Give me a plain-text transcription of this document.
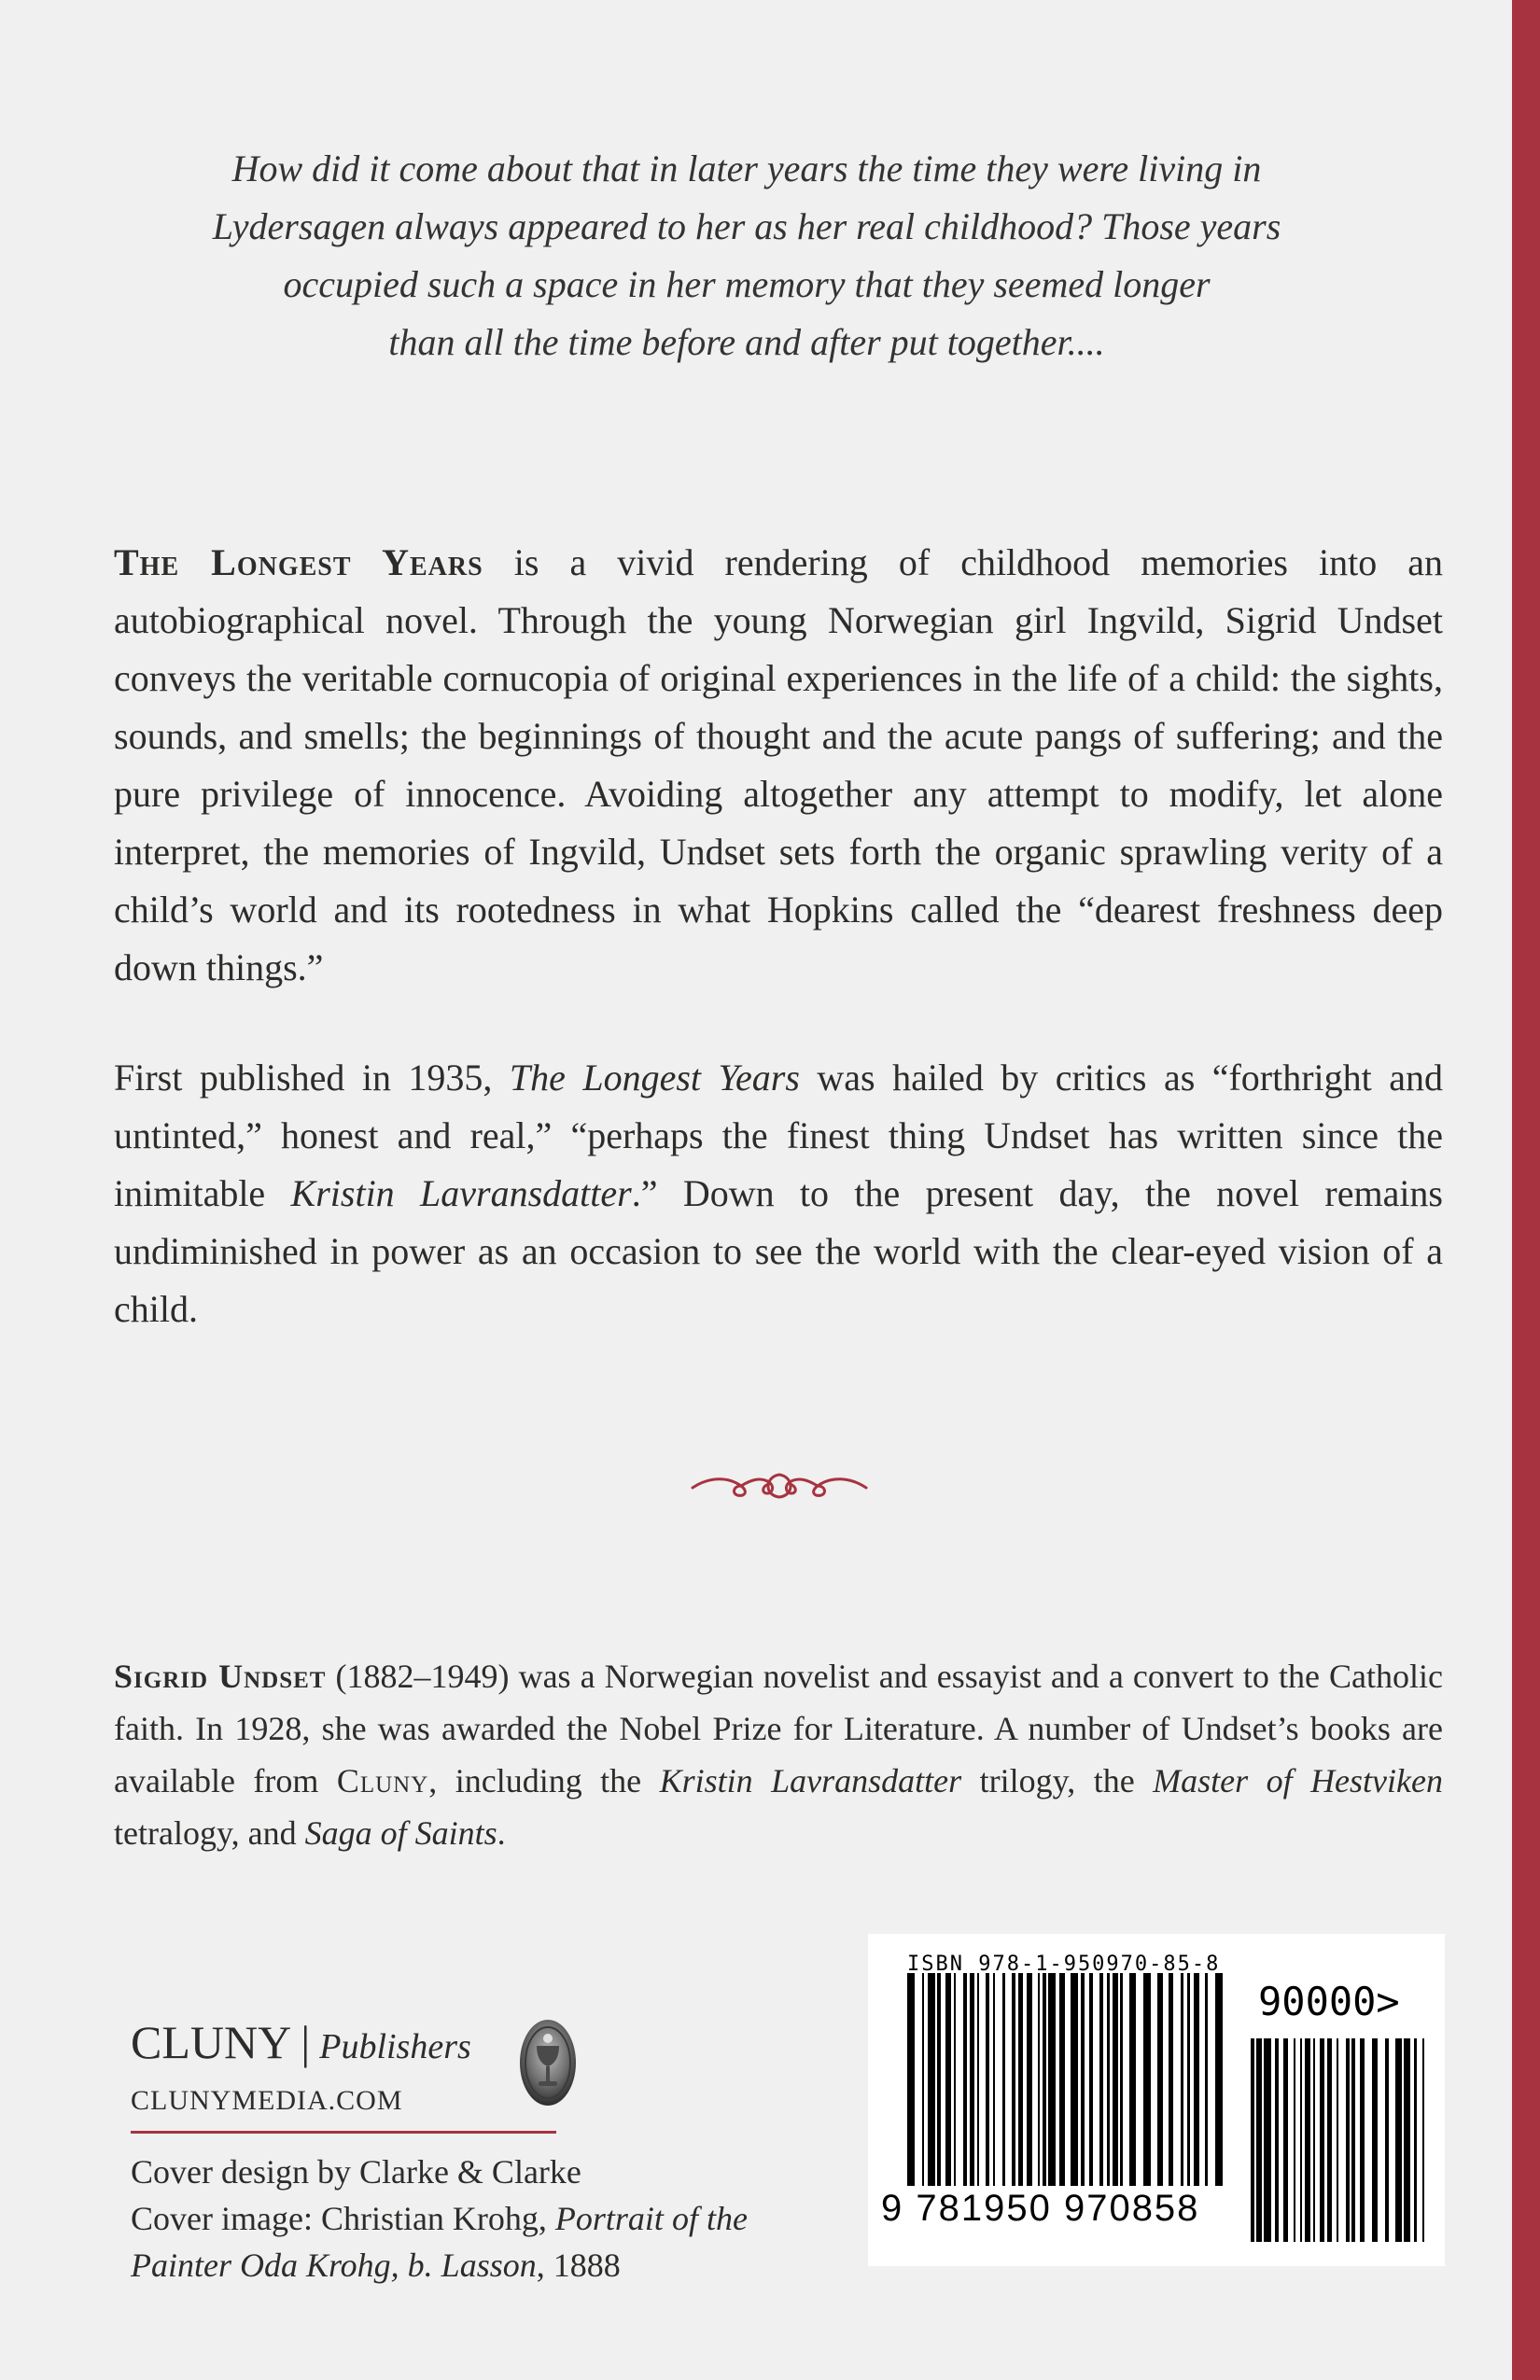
How did it come about that in later years the time they were living in

Lydersagen always appeared to her as her real childhood? Those years

occupied such a space in her memory that they seemed longer

than all the time before and after put together....

The Longest Years is a vivid rendering of childhood memories into an autobiographical novel. Through the young Norwegian girl Ingvild, Sigrid Undset conveys the veritable cornucopia of original experiences in the life of a child: the sights, sounds, and smells; the beginnings of thought and the acute pangs of suffering; and the pure privilege of innocence. Avoiding altogether any attempt to modify, let alone interpret, the memories of Ingvild, Undset sets forth the organic sprawling verity of a child’s world and its rootedness in what Hopkins called the “dearest freshness deep down things.”

First published in 1935, The Longest Years was hailed by critics as “forthright and untinted,” honest and real,” “perhaps the finest thing Undset has written since the inimitable Kristin Lavransdatter.” Down to the present day, the novel remains undiminished in power as an occasion to see the world with the clear-eyed vision of a child.

Sigrid Undset (1882–1949) was a Norwegian novelist and essayist and a convert to the Catholic faith. In 1928, she was awarded the Nobel Prize for Literature. A number of Undset’s books are available from Cluny, including the Kristin Lavransdatter trilogy, the Master of Hestviken tetralogy, and Saga of Saints.

CLUNY | Publishers
CLUNYMEDIA.COM

Cover design by Clarke & Clarke

Cover image: Christian Krohg, Portrait of the Painter Oda Krohg, b. Lasson, 1888

ISBN 978-1-950970-85-8
90000>
9 781950 970858
